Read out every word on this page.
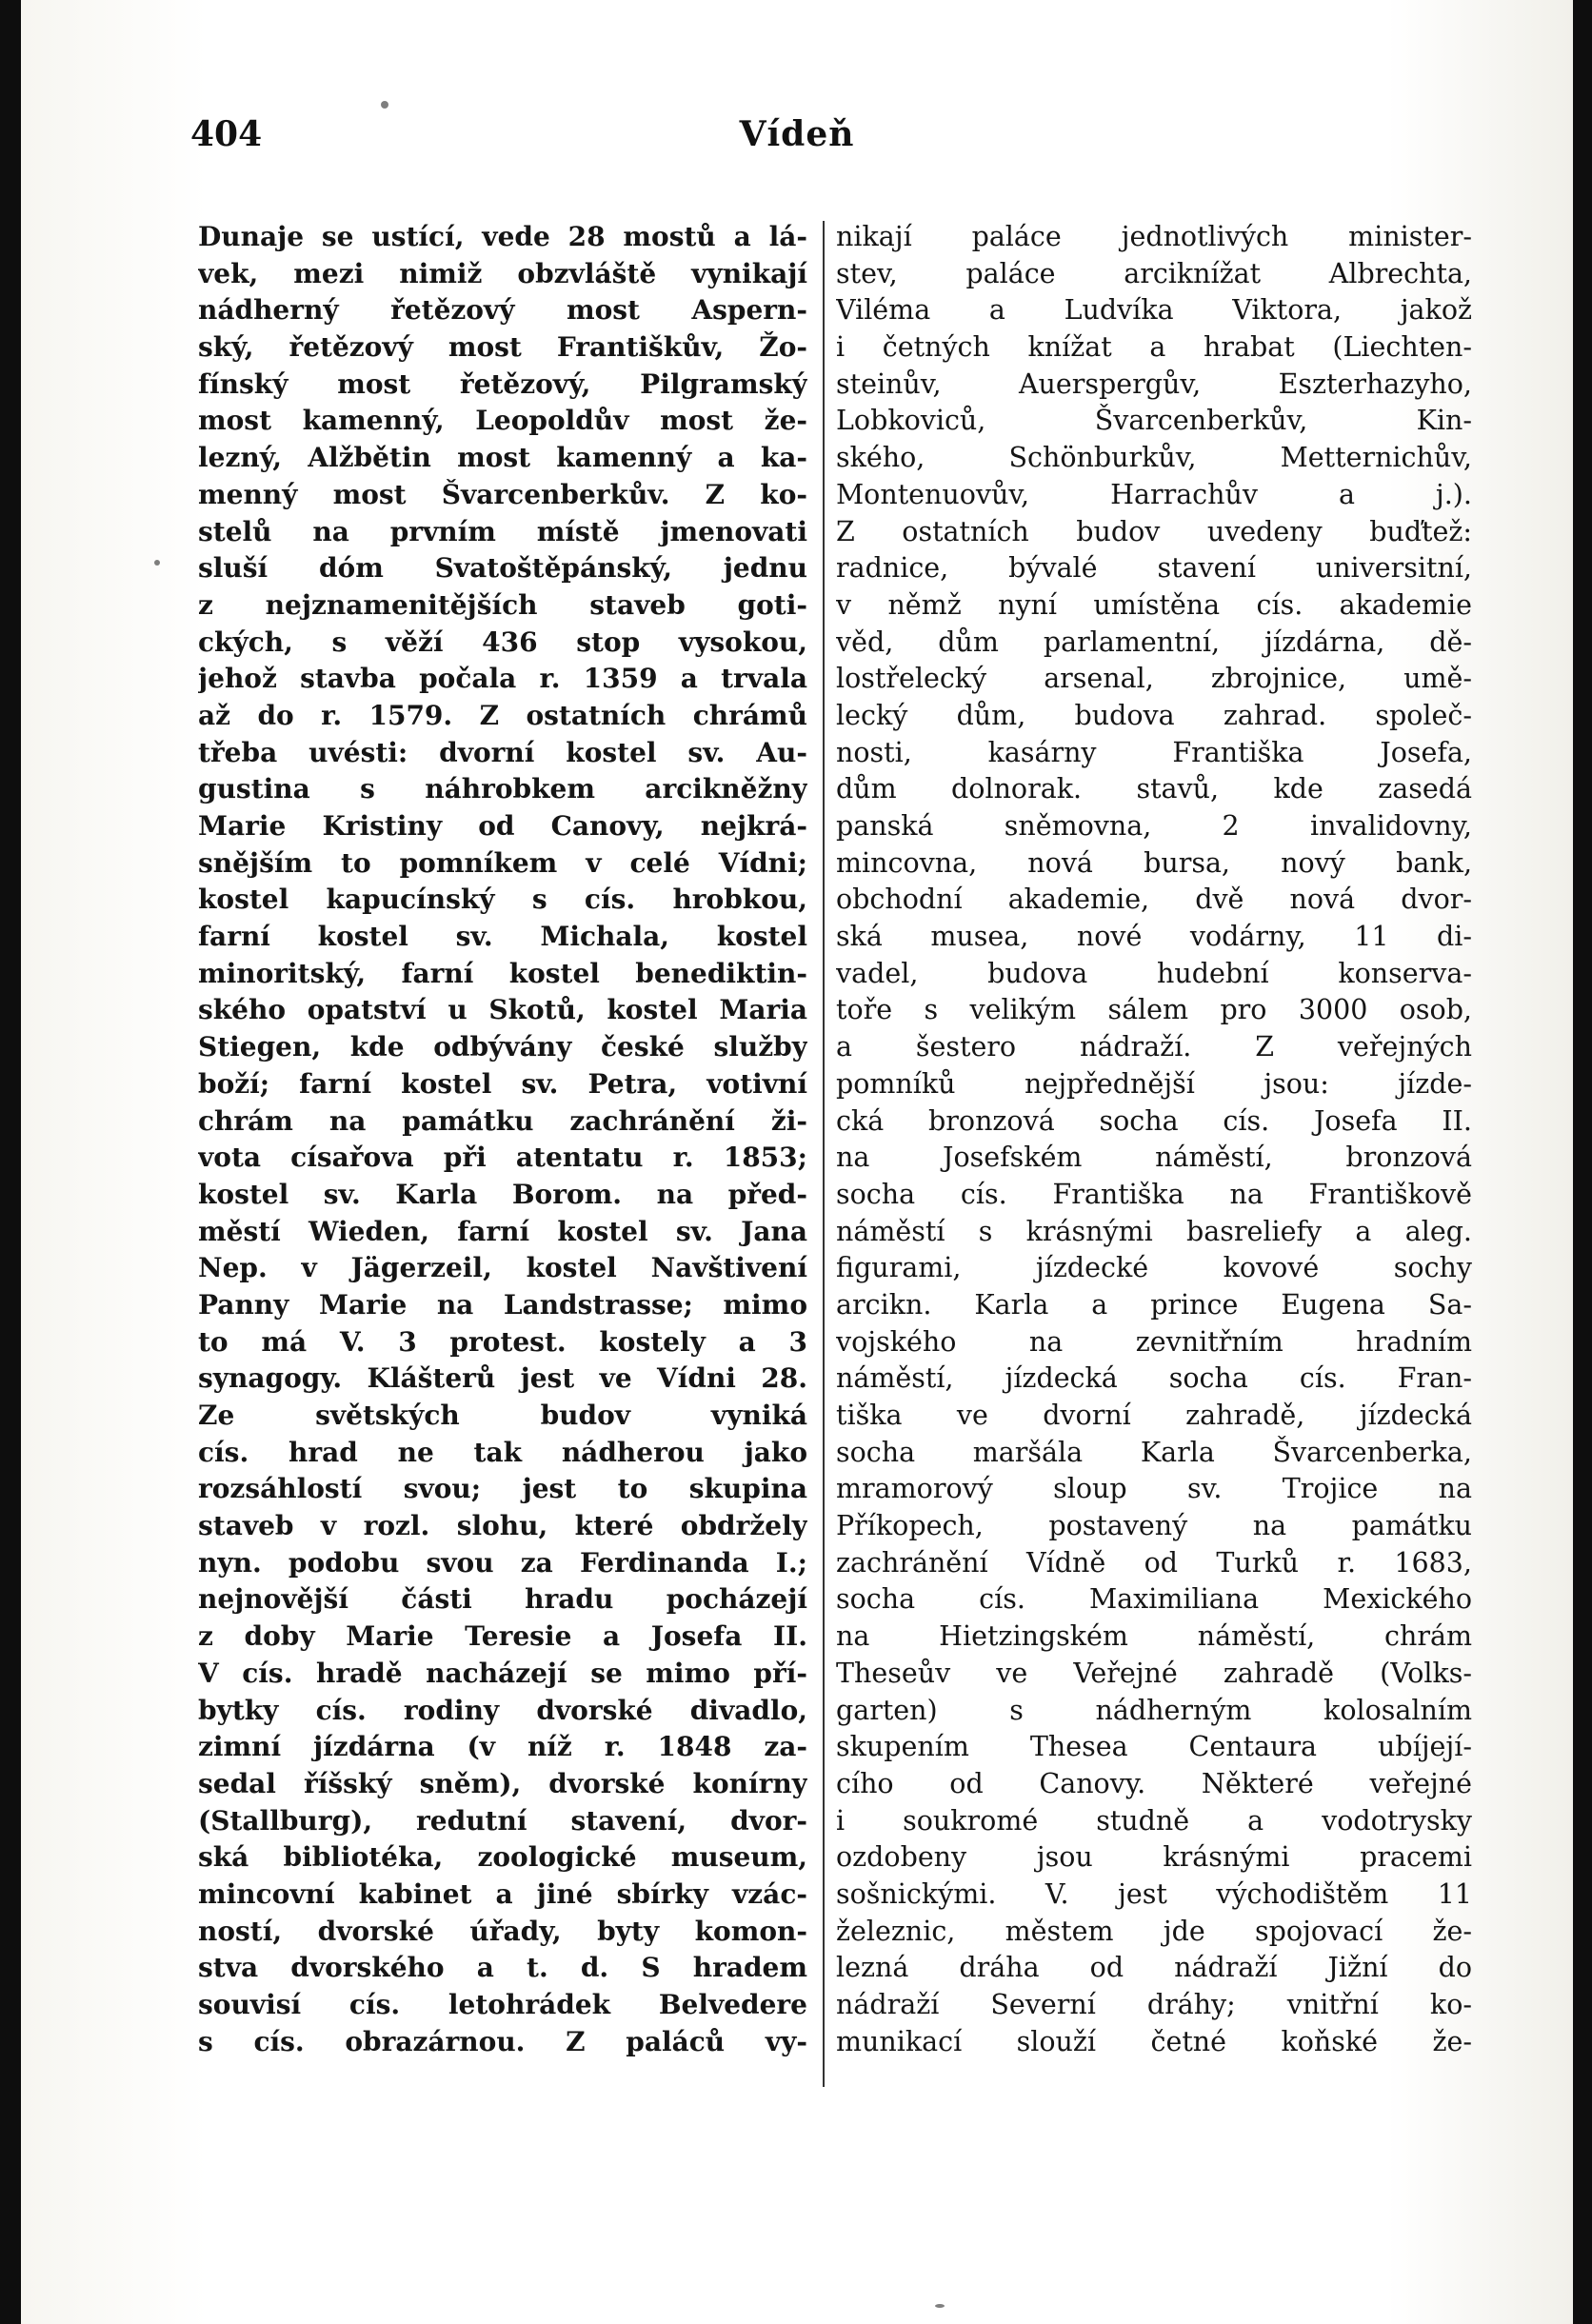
404	Vídeň
Dunaje se ustící, vede 28 mostů a lá-
vek, mezi nimiž obzvláště vynikají
nádherný řetězový most Aspern-
ský, řetězový most Františkův, Žo-
fínský most řetězový, Pilgramský
most kamenný, Leopoldův most že-
lezný, Alžbětin most kamenný a ka-
menný most Švarcenberkův. Z ko-
stelů na prvním místě jmenovati
sluší dóm Svatoštěpánský, jednu
z nejznamenitějších staveb goti-
ckých, s věží 436 stop vysokou,
jehož stavba počala r. 1359 a trvala
až do r. 1579. Z ostatních chrámů
třeba uvésti: dvorní kostel sv. Au-
gustina s náhrobkem arcikněžny
Marie Kristiny od Canovy, nejkrá-
snějším to pomníkem v celé Vídni;
kostel kapucínský s cís. hrobkou,
farní kostel sv. Michala, kostel
minoritský, farní kostel benediktin-
ského opatství u Skotů, kostel Maria
Stiegen, kde odbývány české služby
boží; farní kostel sv. Petra, votivní
chrám na památku zachránění ži-
vota císařova při atentatu r. 1853;
kostel sv. Karla Borom. na před-
městí Wieden, farní kostel sv. Jana
Nep. v Jägerzeil, kostel Navštivení
Panny Marie na Landstrasse; mimo
to má V. 3 protest. kostely a 3
synagogy. Klášterů jest ve Vídni 28.
Ze světských budov vyniká
cís. hrad ne tak nádherou jako
rozsáhlostí svou; jest to skupina
staveb v rozl. slohu, které obdržely
nyn. podobu svou za Ferdinanda I.;
nejnovější části hradu pocházejí
z doby Marie Teresie a Josefa II.
V cís. hradě nacházejí se mimo pří-
bytky cís. rodiny dvorské divadlo,
zimní jízdárna (v níž r. 1848 za-
sedal říšský sněm), dvorské konírny
(Stallburg), redutní stavení, dvor-
ská bibliotéka, zoologické museum,
mincovní kabinet a jiné sbírky vzác-
ností, dvorské úřady, byty komon-
stva dvorského a t. d. S hradem
souvisí cís. letohrádek Belvedere
s cís. obrazárnou. Z paláců vy-
nikají paláce jednotlivých minister-
stev, paláce arciknížat Albrechta,
Viléma a Ludvíka Viktora, jakož
i četných knížat a hrabat (Liechten-
steinův, Auerspergův, Eszterhazyho,
Lobkoviců, Švarcenberkův, Kin-
ského, Schönburkův, Metternichův,
Montenuovův, Harrachův a j.).
Z ostatních budov uvedeny buďtež:
radnice, bývalé stavení universitní,
v němž nyní umístěna cís. akademie
věd, dům parlamentní, jízdárna, dě-
lostřelecký arsenal, zbrojnice, umě-
lecký dům, budova zahrad. společ-
nosti, kasárny Františka Josefa,
dům dolnorak. stavů, kde zasedá
panská sněmovna, 2 invalidovny,
mincovna, nová bursa, nový bank,
obchodní akademie, dvě nová dvor-
ská musea, nové vodárny, 11 di-
vadel, budova hudební konserva-
toře s velikým sálem pro 3000 osob,
a šestero nádraží. Z veřejných
pomníků nejpřednější jsou: jízde-
cká bronzová socha cís. Josefa II.
na Josefském náměstí, bronzová
socha cís. Františka na Františkově
náměstí s krásnými basreliefy a aleg.
figurami, jízdecké kovové sochy
arcikn. Karla a prince Eugena Sa-
vojského na zevnitřním hradním
náměstí, jízdecká socha cís. Fran-
tiška ve dvorní zahradě, jízdecká
socha maršála Karla Švarcenberka,
mramorový sloup sv. Trojice na
Příkopech, postavený na památku
zachránění Vídně od Turků r. 1683,
socha cís. Maximiliana Mexického
na Hietzingském náměstí, chrám
Theseův ve Veřejné zahradě (Volks-
garten) s nádherným kolosalním
skupením Thesea Centaura ubíjejí-
cího od Canovy. Některé veřejné
i soukromé studně a vodotrysky
ozdobeny jsou krásnými pracemi
sošnickými. V. jest východištěm 11
železnic, městem jde spojovací že-
lezná dráha od nádraží Jižní do
nádraží Severní dráhy; vnitřní ko-
munikací slouží četné koňské že-
